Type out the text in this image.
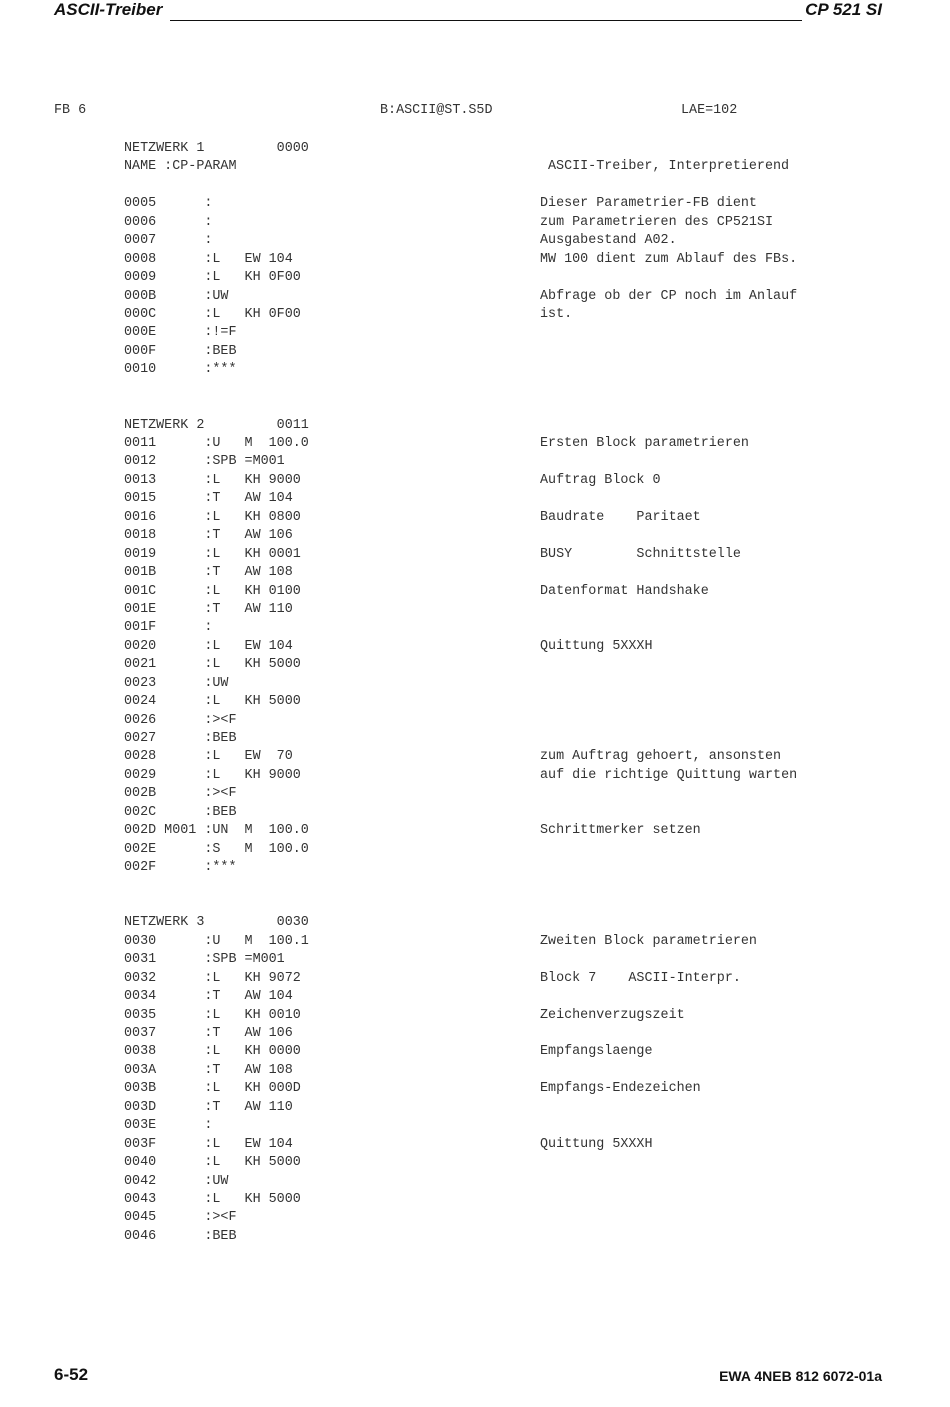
ASCII-Treiber	CP 521 SI
FB 6	B:ASCII@ST.S5D	LAE=102
NETZWERK 1         0000
NAME :CP-PARAM	ASCII-Treiber, Interpretierend
0005      :	Dieser Parametrier-FB dient
0006      :	zum Parametrieren des CP521SI
0007      :	Ausgabestand A02.
0008      :L   EW 104	MW 100 dient zum Ablauf des FBs.
0009      :L   KH 0F00
000B      :UW	Abfrage ob der CP noch im Anlauf
000C      :L   KH 0F00	ist.
000E      :!=F
000F      :BEB
0010      :***
NETZWERK 2         0011
0011      :U   M  100.0	Ersten Block parametrieren
0012      :SPB =M001
0013      :L   KH 9000	Auftrag Block 0
0015      :T   AW 104
0016      :L   KH 0800	Baudrate    Paritaet
0018      :T   AW 106
0019      :L   KH 0001	BUSY        Schnittstelle
001B      :T   AW 108
001C      :L   KH 0100	Datenformat Handshake
001E      :T   AW 110
001F      :
0020      :L   EW 104	Quittung 5XXXH
0021      :L   KH 5000
0023      :UW
0024      :L   KH 5000
0026      :><F
0027      :BEB
0028      :L   EW  70	zum Auftrag gehoert, ansonsten
0029      :L   KH 9000	auf die richtige Quittung warten
002B      :><F
002C      :BEB
002D M001 :UN  M  100.0	Schrittmerker setzen
002E      :S   M  100.0
002F      :***
NETZWERK 3         0030
0030      :U   M  100.1	Zweiten Block parametrieren
0031      :SPB =M001
0032      :L   KH 9072	Block 7    ASCII-Interpr.
0034      :T   AW 104
0035      :L   KH 0010	Zeichenverzugszeit
0037      :T   AW 106
0038      :L   KH 0000	Empfangslaenge
003A      :T   AW 108
003B      :L   KH 000D	Empfangs-Endezeichen
003D      :T   AW 110
003E      :
003F      :L   EW 104	Quittung 5XXXH
0040      :L   KH 5000
0042      :UW
0043      :L   KH 5000
0045      :><F
0046      :BEB
6-52	EWA 4NEB 812 6072-01a
